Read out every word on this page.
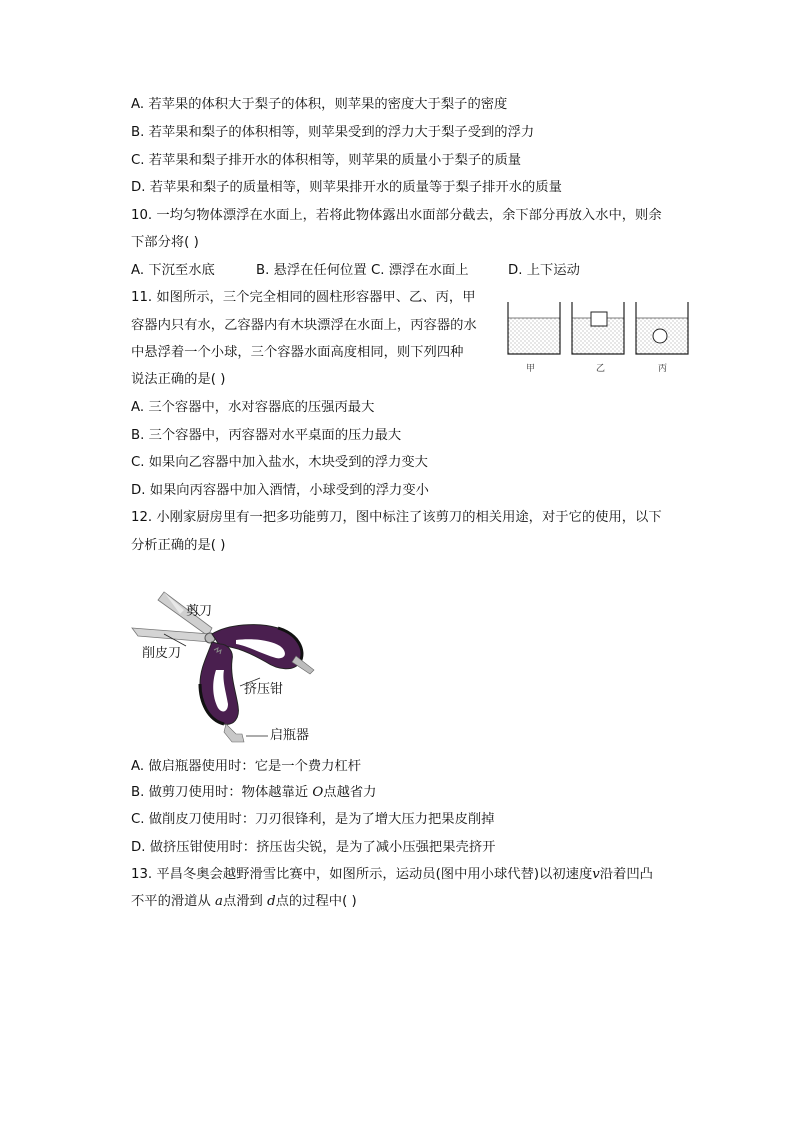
A. 若苹果的体积大于梨子的体积，则苹果的密度大于梨子的密度
B. 若苹果和梨子的体积相等，则苹果受到的浮力大于梨子受到的浮力
C. 若苹果和梨子排开水的体积相等，则苹果的质量小于梨子的质量
D. 若苹果和梨子的质量相等，则苹果排开水的质量等于梨子排开水的质量
10. 一均匀物体漂浮在水面上，若将此物体露出水面部分截去，余下部分再放入水中，则余
下部分将( )
A. 下沉至水底	B. 悬浮在任何位置 C. 漂浮在水面上	D. 上下运动
11. 如图所示，三个完全相同的圆柱形容器甲、乙、丙，甲
容器内只有水，乙容器内有木块漂浮在水面上，丙容器的水
中悬浮着一个小球，三个容器水面高度相同，则下列四种
说法正确的是( )
A. 三个容器中，水对容器底的压强丙最大
B. 三个容器中，丙容器对水平桌面的压力最大
C. 如果向乙容器中加入盐水，木块受到的浮力变大
D. 如果向丙容器中加入酒情，小球受到的浮力变小
甲	乙	丙
12. 小刚家厨房里有一把多功能剪刀，图中标注了该剪刀的相关用途，对于它的使用，以下
分析正确的是( )
剪刀
削皮刀
挤压钳
启瓶器
A. 做启瓶器使用时：它是一个费力杠杆
B. 做剪刀使用时：物体越靠近 O点越省力
C. 做削皮刀使用时：刀刃很锋利，是为了增大压力把果皮削掉
D. 做挤压钳使用时：挤压齿尖锐，是为了减小压强把果壳挤开
13. 平昌冬奥会越野滑雪比赛中，如图所示，运动员(图中用小球代替)以初速度v沿着凹凸
不平的滑道从 a点滑到 d点的过程中( )
